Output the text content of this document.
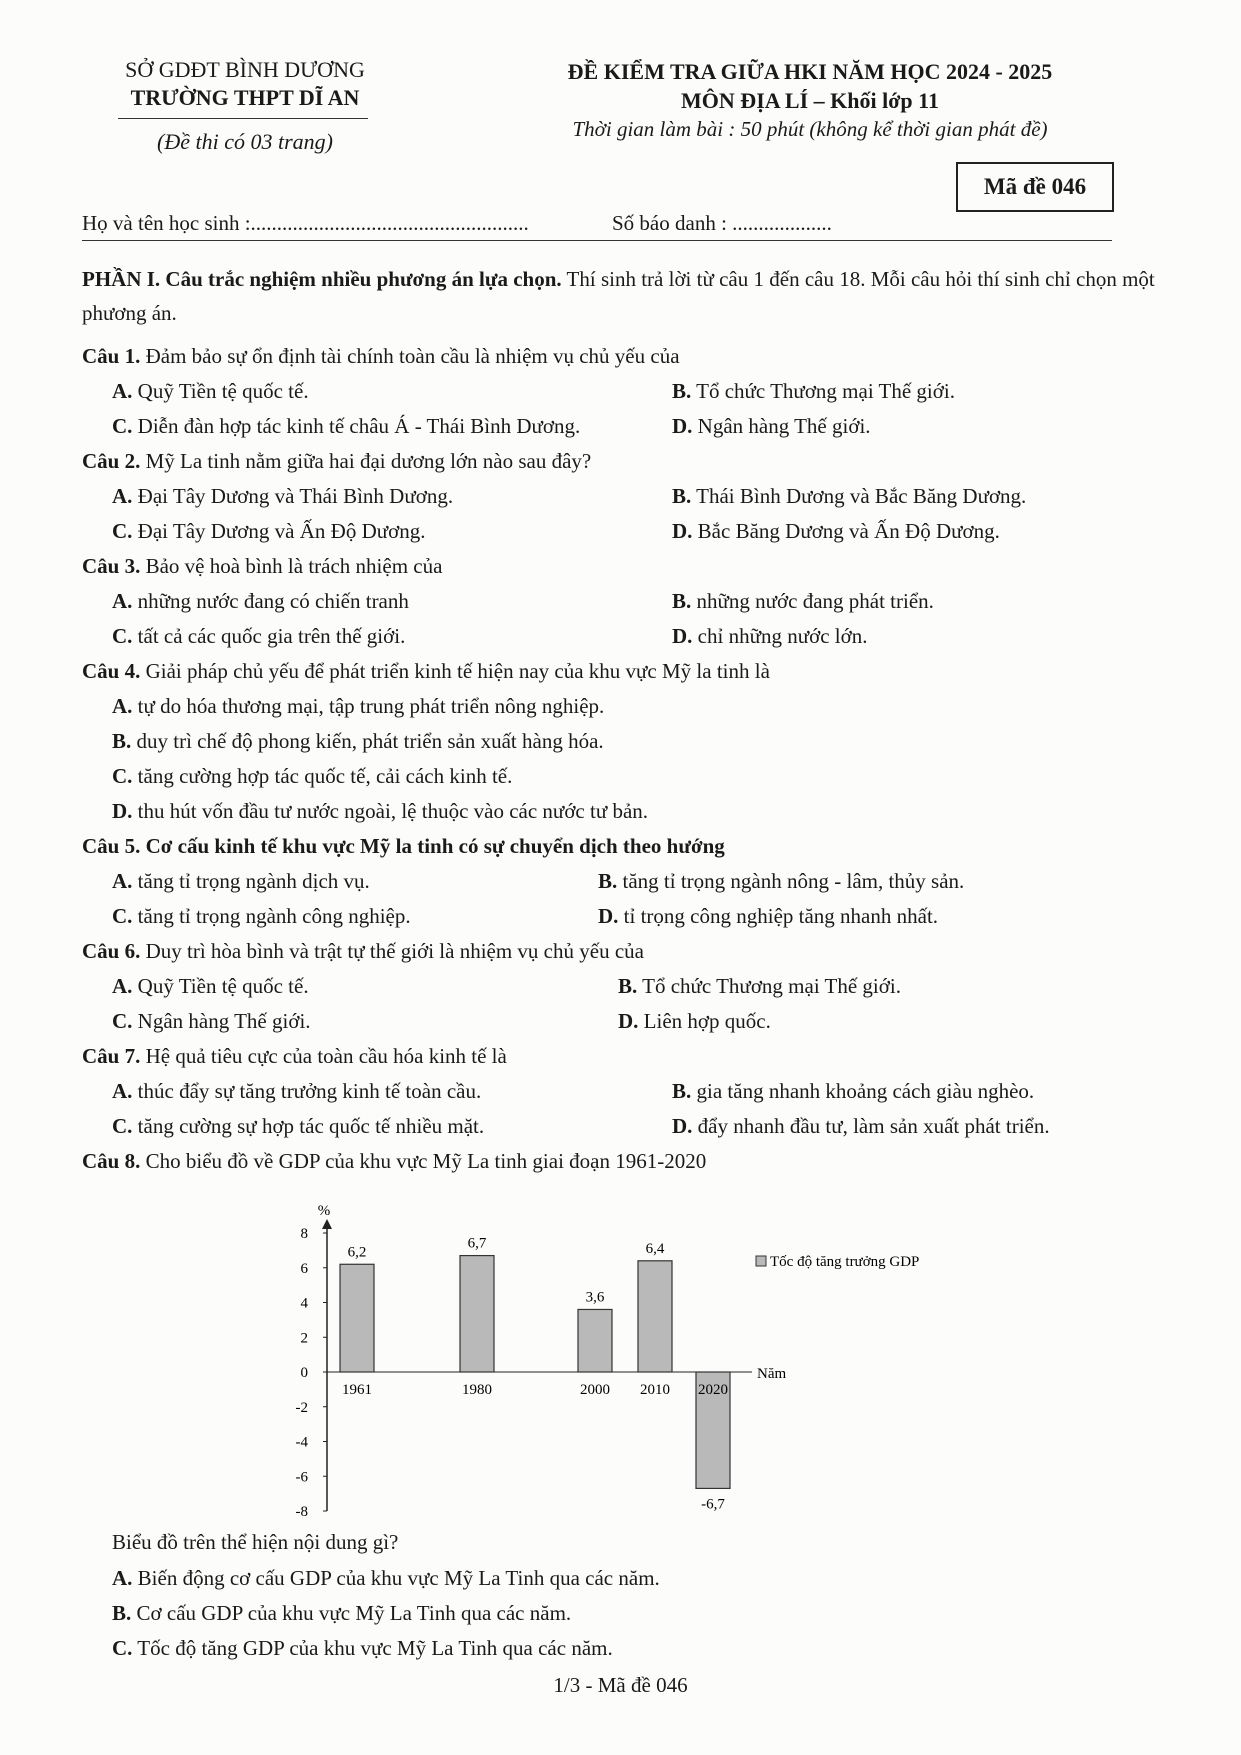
SỞ GDĐT BÌNH DƯƠNG
TRƯỜNG THPT DĨ AN
(Đề thi có 03 trang)
ĐỀ KIỂM TRA GIỮA HKI NĂM HỌC 2024 - 2025
MÔN ĐỊA LÍ – Khối lớp 11
Thời gian làm bài : 50 phút (không kể thời gian phát đề)
Mã đề 046
Họ và tên học sinh :.....................................................	Số báo danh : ...................
PHẦN I. Câu trắc nghiệm nhiều phương án lựa chọn. Thí sinh trả lời từ câu 1 đến câu 18. Mỗi câu hỏi thí sinh chỉ chọn một phương án.
Câu 1. Đảm bảo sự ổn định tài chính toàn cầu là nhiệm vụ chủ yếu của
A. Quỹ Tiền tệ quốc tế.	B. Tổ chức Thương mại Thế giới.
C. Diễn đàn hợp tác kinh tế châu Á - Thái Bình Dương.	D. Ngân hàng Thế giới.
Câu 2. Mỹ La tinh nằm giữa hai đại dương lớn nào sau đây?
A. Đại Tây Dương và Thái Bình Dương.	B. Thái Bình Dương và Bắc Băng Dương.
C. Đại Tây Dương và Ấn Độ Dương.	D. Bắc Băng Dương và Ấn Độ Dương.
Câu 3. Bảo vệ hoà bình là trách nhiệm của
A. những nước đang có chiến tranh	B. những nước đang phát triển.
C. tất cả các quốc gia trên thế giới.	D. chỉ những nước lớn.
Câu 4. Giải pháp chủ yếu để phát triển kinh tế hiện nay của khu vực Mỹ la tinh là
A. tự do hóa thương mại, tập trung phát triển nông nghiệp.
B. duy trì chế độ phong kiến, phát triển sản xuất hàng hóa.
C. tăng cường hợp tác quốc tế, cải cách kinh tế.
D. thu hút vốn đầu tư nước ngoài, lệ thuộc vào các nước tư bản.
Câu 5. Cơ cấu kinh tế khu vực Mỹ la tinh có sự chuyển dịch theo hướng
A. tăng tỉ trọng ngành dịch vụ.	B. tăng tỉ trọng ngành nông - lâm, thủy sản.
C. tăng tỉ trọng ngành công nghiệp.	D. tỉ trọng công nghiệp tăng nhanh nhất.
Câu 6. Duy trì hòa bình và trật tự thế giới là nhiệm vụ chủ yếu của
A. Quỹ Tiền tệ quốc tế.	B. Tổ chức Thương mại Thế giới.
C. Ngân hàng Thế giới.	D. Liên hợp quốc.
Câu 7. Hệ quả tiêu cực của toàn cầu hóa kinh tế là
A. thúc đẩy sự tăng trưởng kinh tế toàn cầu.	B. gia tăng nhanh khoảng cách giàu nghèo.
C. tăng cường sự hợp tác quốc tế nhiều mặt.	D. đẩy nhanh đầu tư, làm sản xuất phát triển.
Câu 8. Cho biểu đồ về GDP của khu vực Mỹ La tinh giai đoạn 1961-2020
%
8
6
4
2
0
-2
-4
-6
-8
Năm
1961
6,2
1980
6,7
2000
3,6
2010
6,4
2020
-6,7
Tốc độ tăng trưởng GDP
Biểu đồ trên thể hiện nội dung gì?
A. Biến động cơ cấu GDP của khu vực Mỹ La Tinh qua các năm.
B. Cơ cấu GDP của khu vực Mỹ La Tinh qua các năm.
C. Tốc độ tăng GDP của khu vực Mỹ La Tinh qua các năm.
1/3 - Mã đề 046
